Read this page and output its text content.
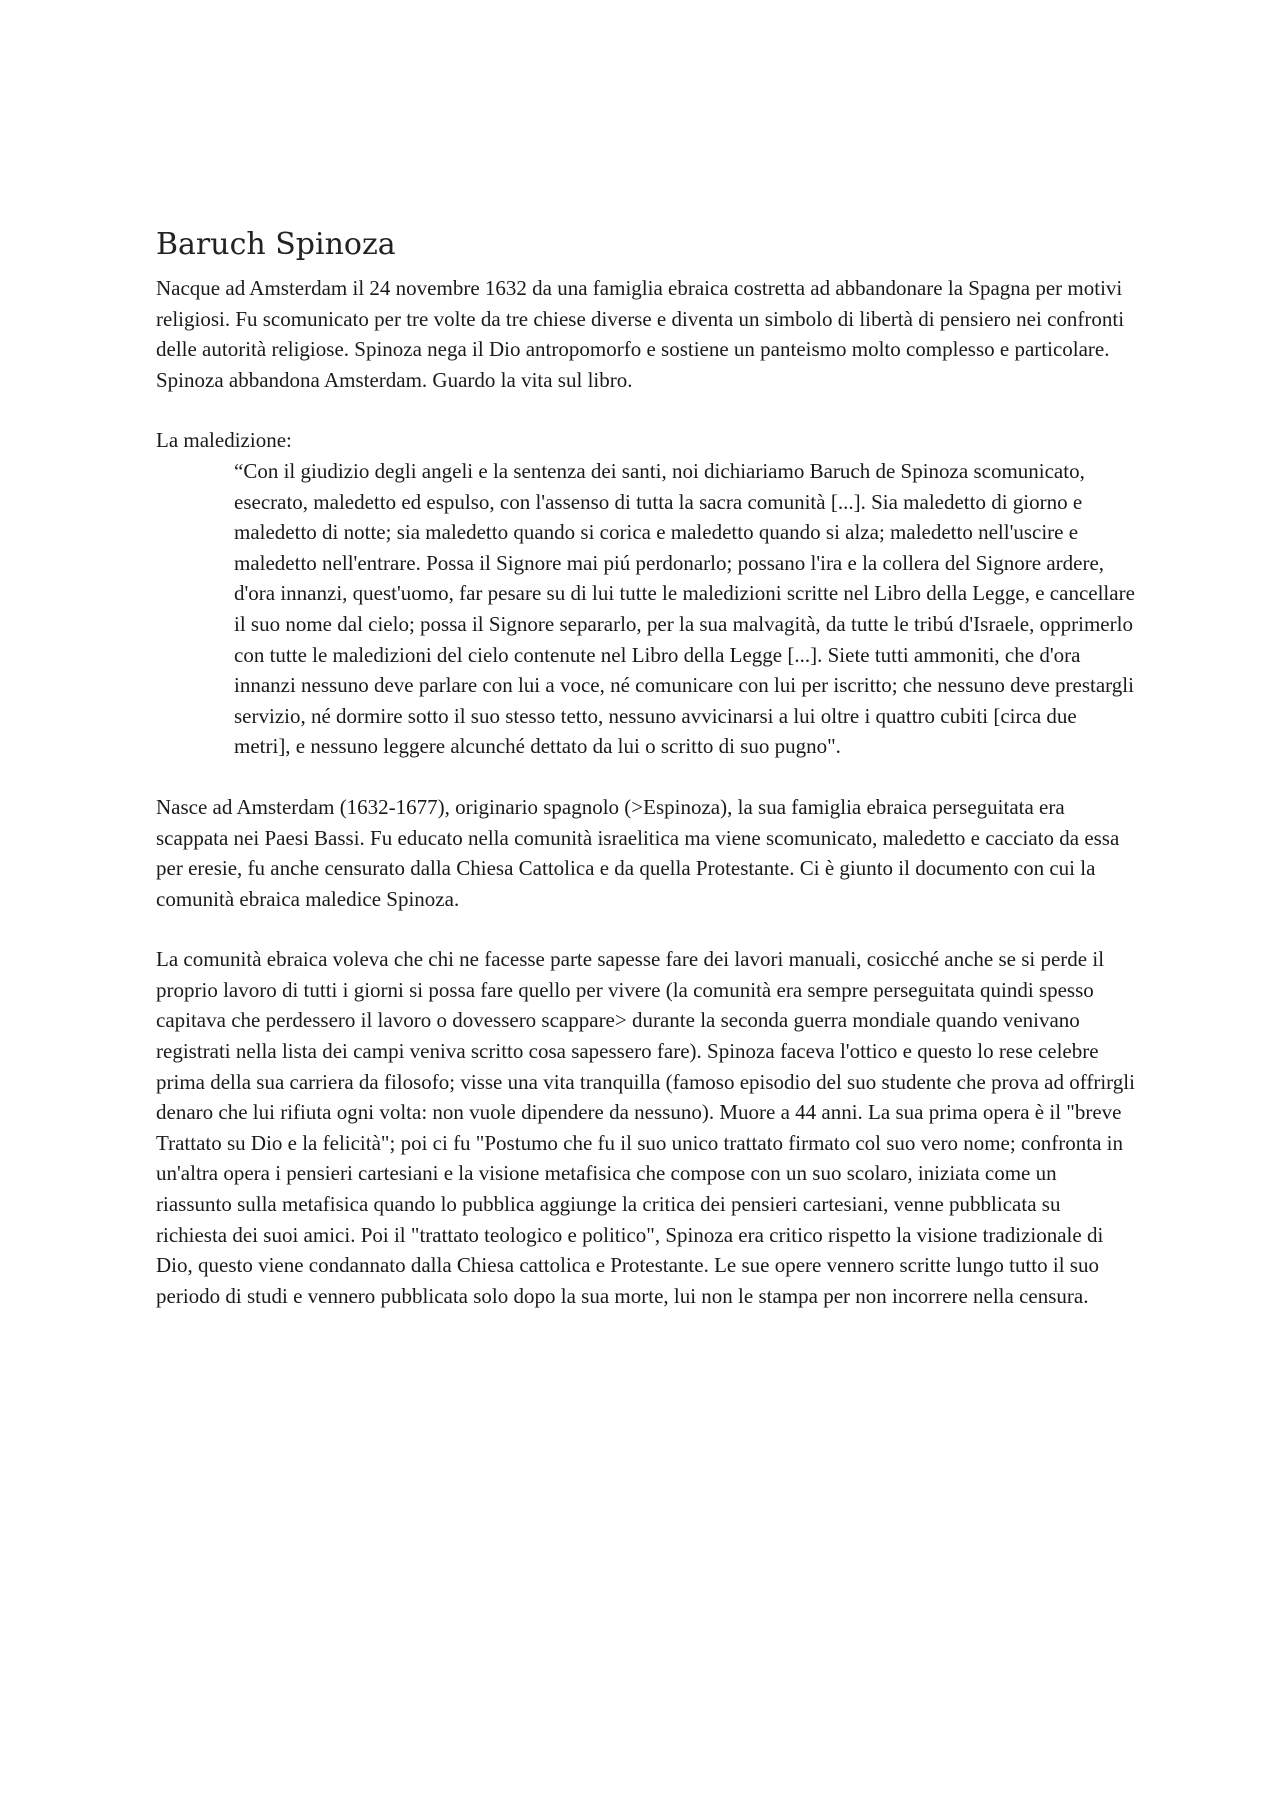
Baruch Spinoza

Nacque ad Amsterdam il 24 novembre 1632 da una famiglia ebraica costretta ad abbandonare la Spagna per motivi religiosi. Fu scomunicato per tre volte da tre chiese diverse e diventa un simbolo di libertà di pensiero nei confronti delle autorità religiose. Spinoza nega il Dio antropomorfo e sostiene un panteismo molto complesso e particolare. Spinoza abbandona Amsterdam. Guardo la vita sul libro.

La maledizione:

“Con il giudizio degli angeli e la sentenza dei santi, noi dichiariamo Baruch de Spinoza scomunicato, esecrato, maledetto ed espulso, con l'assenso di tutta la sacra comunità [...]. Sia maledetto di giorno e maledetto di notte; sia maledetto quando si corica e maledetto quando si alza; maledetto nell'uscire e maledetto nell'entrare. Possa il Signore mai piú perdonarlo; possano l'ira e la collera del Signore ardere, d'ora innanzi, quest'uomo, far pesare su di lui tutte le maledizioni scritte nel Libro della Legge, e cancellare il suo nome dal cielo; possa il Signore separarlo, per la sua malvagità, da tutte le tribú d'Israele, opprimerlo con tutte le maledizioni del cielo contenute nel Libro della Legge [...]. Siete tutti ammoniti, che d'ora innanzi nessuno deve parlare con lui a voce, né comunicare con lui per iscritto; che nessuno deve prestargli servizio, né dormire sotto il suo stesso tetto, nessuno avvicinarsi a lui oltre i quattro cubiti [circa due metri], e nessuno leggere alcunché dettato da lui o scritto di suo pugno".

Nasce ad Amsterdam (1632-1677), originario spagnolo (>Espinoza), la sua famiglia ebraica perseguitata era scappata nei Paesi Bassi. Fu educato nella comunità israelitica ma viene scomunicato, maledetto e cacciato da essa per eresie, fu anche censurato dalla Chiesa Cattolica e da quella Protestante. Ci è giunto il documento con cui la comunità ebraica maledice Spinoza.

La comunità ebraica voleva che chi ne facesse parte sapesse fare dei lavori manuali, cosicché anche se si perde il proprio lavoro di tutti i giorni si possa fare quello per vivere (la comunità era sempre perseguitata quindi spesso capitava che perdessero il lavoro o dovessero scappare> durante la seconda guerra mondiale quando venivano registrati nella lista dei campi veniva scritto cosa sapessero fare). Spinoza faceva l'ottico e questo lo rese celebre prima della sua carriera da filosofo; visse una vita tranquilla (famoso episodio del suo studente che prova ad offrirgli denaro che lui rifiuta ogni volta: non vuole dipendere da nessuno). Muore a 44 anni. La sua prima opera è il "breve Trattato su Dio e la felicità"; poi ci fu "Postumo che fu il suo unico trattato firmato col suo vero nome; confronta in un'altra opera i pensieri cartesiani e la visione metafisica che compose con un suo scolaro, iniziata come un riassunto sulla metafisica quando lo pubblica aggiunge la critica dei pensieri cartesiani, venne pubblicata su richiesta dei suoi amici. Poi il "trattato teologico e politico", Spinoza era critico rispetto la visione tradizionale di Dio, questo viene condannato dalla Chiesa cattolica e Protestante. Le sue opere vennero scritte lungo tutto il suo periodo di studi e vennero pubblicata solo dopo la sua morte, lui non le stampa per non incorrere nella censura.
